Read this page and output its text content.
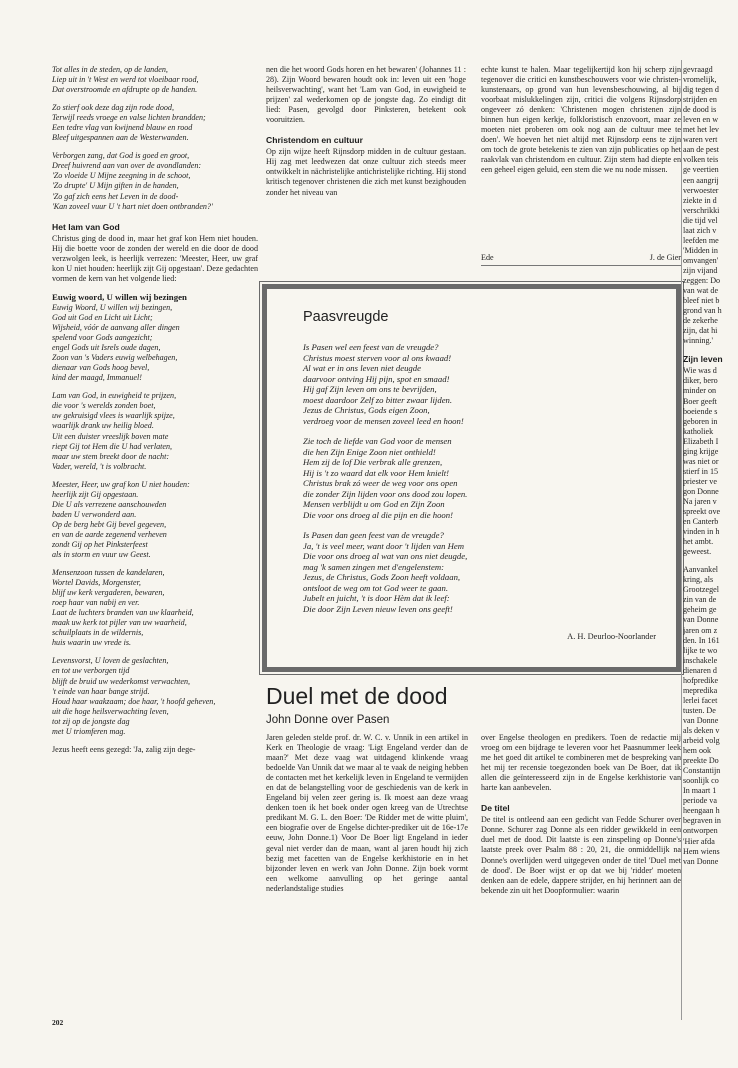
Tot alles in de steden, op de landen,
Liep uit in 't West en werd tot vloeibaar rood,
Dat overstroomde en afdrupte op de handen.

Zo stierf ook deze dag zijn rode dood,
Terwijl reeds vroege en valse lichten brandden;
Een tedre vlag van kwijnend blauw en rood
Bleef uitgespannen aan de Westerwanden.

Verborgen zang, dat God is goed en groot,
Dreef huivrend aan van over de avondlanden:
'Zo vloeide U Mijne zeegning in de schoot,
'Zo drupte' U Mijn giften in de handen,
'Zo gaf zich eens het Leven in de dood-
'Kan zoveel vuur U 't hart niet doen ontbranden?'

Het lam van God

Christus ging de dood in, maar het graf kon Hem niet houden. Hij die boette voor de zonden der wereld en die door de dood verzwolgen leek, is heerlijk verrezen: 'Meester, Heer, uw graf kon U niet houden: heerlijk zijt Gij opgestaan'. Deze gedachten vormen de kern van het volgende lied:

Euwig woord, U willen wij bezingen

Euwig Woord, U willen wij bezingen,
God uit God en Licht uit Licht;
Wijsheid, vóór de aanvang aller dingen
spelend voor Gods aangezicht;
engel Gods uit Isrels oude dagen,
Zoon van 's Vaders euwig welbehagen,
dienaar van Gods hoog bevel,
kind der maagd, Immanuel!

Lam van God, in euwigheid te prijzen,
die voor 's werelds zonden boet,
uw gekruisigd vlees is waarlijk spijze,
waarlijk drank uw heilig bloed.
Uit een duister vreeslijk boven mate
riept Gij tot Hem die U had verlaten,
maar uw stem breekt door de nacht:
Vader, wereld, 't is volbracht.

Meester, Heer, uw graf kon U niet houden:
heerlijk zijt Gij opgestaan.
Die U als verrezene aanschouwden
baden U verwonderd aan.
Op de berg hebt Gij bevel gegeven,
en van de aarde zegenend verheven
zondt Gij op het Pinksterfeest
als in storm en vuur uw Geest.

Mensenzoon tussen de kandelaren,
Wortel Davids, Morgenster,
blijf uw kerk vergaderen, bewaren,
roep haar van nabij en ver.
Laat de luchters branden van uw klaarheid,
maak uw kerk tot pijler van uw waarheid,
schuilplaats in de wildernis,
huis waarin uw vrede is.

Levensvorst, U loven de geslachten,
en tot uw verborgen tijd
blijft de bruid uw wederkomst verwachten,
't einde van haar bange strijd.
Houd haar waakzaam; doe haar, 't hoofd geheven,
uit die hoge heilsverwachting leven,
tot zij op de jongste dag
met U triomferen mag.

Jezus heeft eens gezegd: 'Ja, zalig zijn dege-

nen die het woord Gods horen en het bewaren' (Johannes 11 : 28). Zijn Woord bewaren houdt ook in: leven uit een 'hoge heilsverwachting', want het 'Lam van God, in euwigheid te prijzen' zal wederkomen op de jongste dag. Zo eindigt dit lied: Pasen, gevolgd door Pinksteren, betekent ook vooruitzien.

Christendom en cultuur

Op zijn wijze heeft Rijnsdorp midden in de cultuur gestaan. Hij zag met leedwezen dat onze cultuur zich steeds meer ontwikkelt in nächristelijke antichristelijke richting. Hij stond kritisch tegenover christenen die zich met kunst bezighouden zonder het niveau van

echte kunst te halen. Maar tegelijkertijd kon hij scherp zijn tegenover die critici en kunstbeschouwers voor wie christen-kunstenaars, op grond van hun levensbeschouwing, al bij voorbaat mislukkelingen zijn, critici die volgens Rijnsdorp ongeveer zó denken: 'Christenen mogen christenen zijn binnen hun eigen kerkje, folkloristisch enzovoort, maar ze moeten niet proberen om ook nog aan de cultuur mee te doen'. We hoeven het niet altijd met Rijnsdorp eens te zijn om toch de grote betekenis te zien van zijn publicaties op het raakvlak van christendom en cultuur. Zijn stem had diepte en een geheel eigen geluid, een stem die we nu node missen.

Ede	J. de Gier
Paasvreugde
Is Pasen wel een feest van de vreugde?
Christus moest sterven voor al ons kwaad!
Al wat er in ons leven niet deugde
daarvoor ontving Hij pijn, spot en smaad!
Hij gaf Zijn leven om ons te bevrijden,
moest daardoor Zelf zo bitter zwaar lijden.
Jezus de Christus, Gods eigen Zoon,
verdroeg voor de mensen zoveel leed en hoon!
Zie toch de liefde van God voor de mensen
die hen Zijn Enige Zoon niet onthield!
Hem zij de lof Die verbrak alle grenzen,
Hij is 't zo waard dat elk voor Hem knielt!
Christus brak zó weer de weg voor ons open
die zonder Zijn lijden voor ons dood zou lopen.
Mensen verblijdt u om God en Zijn Zoon
Die voor ons droeg al die pijn en die hoon!
Is Pasen dan geen feest van de vreugde?
Ja, 't is veel meer, want door 't lijden van Hem
Die voor ons droeg al wat van ons niet deugde,
mag 'k samen zingen met d'engelenstem:
Jezus, de Christus, Gods Zoon heeft voldaan,
ontsloot de weg om tot God weer te gaan.
Jubelt en juicht, 't is door Hèm dat ik leef:
Die door Zijn Leven nieuw leven ons geeft!
A. H. Deurloo-Noorlander
Duel met de dood
John Donne over Pasen

Jaren geleden stelde prof. dr. W. C. v. Unnik in een artikel in Kerk en Theologie de vraag: 'Ligt Engeland verder dan de maan?' Met deze vaag wat uitdagend klinkende vraag bedoelde Van Unnik dat we maar al te vaak de neiging hebben de contacten met het kerkelijk leven in Engeland te vermijden en dat de belangstelling voor de geschiedenis van de kerk in Engeland bij velen zeer gering is. Ik moest aan deze vraag denken toen ik het boek onder ogen kreeg van de Utrechtse predikant M. G. L. den Boer: 'De Ridder met de witte pluim', een biografie over de Engelse dichter-prediker uit de 16e-17e eeuw, John Donne.1) Voor De Boer ligt Engeland in ieder geval niet verder dan de maan, want al jaren houdt hij zich bezig met facetten van de Engelse kerkhistorie en in het bijzonder leven en werk van John Donne. Zijn boek vormt een welkome aanvulling op het geringe aantal nederlandstalige studies

over Engelse theologen en predikers. Toen de redactie mij vroeg om een bijdrage te leveren voor het Paasnummer leek me het goed dit artikel te combineren met de bespreking van het mij ter recensie toegezonden boek van De Boer, dat ik allen die geïnteresseerd zijn in de Engelse kerkhistorie van harte kan aanbevelen.

De titel

De titel is ontleend aan een gedicht van Fedde Schurer over Donne. Schurer zag Donne als een ridder gewikkeld in een duel met de dood. Dit laatste is een zinspeling op Donne's laatste preek over Psalm 88 : 20, 21, die onmiddellijk na Donne's overlijden werd uitgegeven onder de titel 'Duel met de dood'. De Boer wijst er op dat we bij 'ridder' moeten denken aan de edele, dappere strijder, en hij herinnert aan de bekende zin uit het Doopformulier: waarin

gevraagd
vromelijk,
dig tegen d
strijden en
de dood is
leven en w
met het lev
waren vert
aan de pest
volken teis
ge veertien
een aangrij
verwoester
ziekte in d
verschrikki
die tijd vel
laat zich v
leefden me
'Midden in
omvangen'
zijn vijand
zeggen: Do
van wat de
bleef niet b
grond van h
de zekerhe
zijn, dat hi
winning.'
Zijn leven
Wie was d
diker, bero
minder on
Boer geeft
boeiende s
geboren in
katholiek
Elizabeth I
ging krijge
was niet or
stierf in 15
priester ve
gon Donne
Na jaren v
spreekt ove
en Canterb
vinden in h
het ambt.
geweest.
Aanvankel
kring, als
Grootzegel
zin van de
geheim ge
van Donne
jaren om z
den. In 161
lijke te wo
inschakele
dienaren d
hofpredike
mepredika
lerlei facet
tusten. De
van Donne
als deken v
arbeid volg
hem ook
preekte Do
Constantijn
soonlijk co
In maart 1
periode va
heengaan h
begraven in
ontworpen
'Hier afda
Hem wiens
van Donne
202
